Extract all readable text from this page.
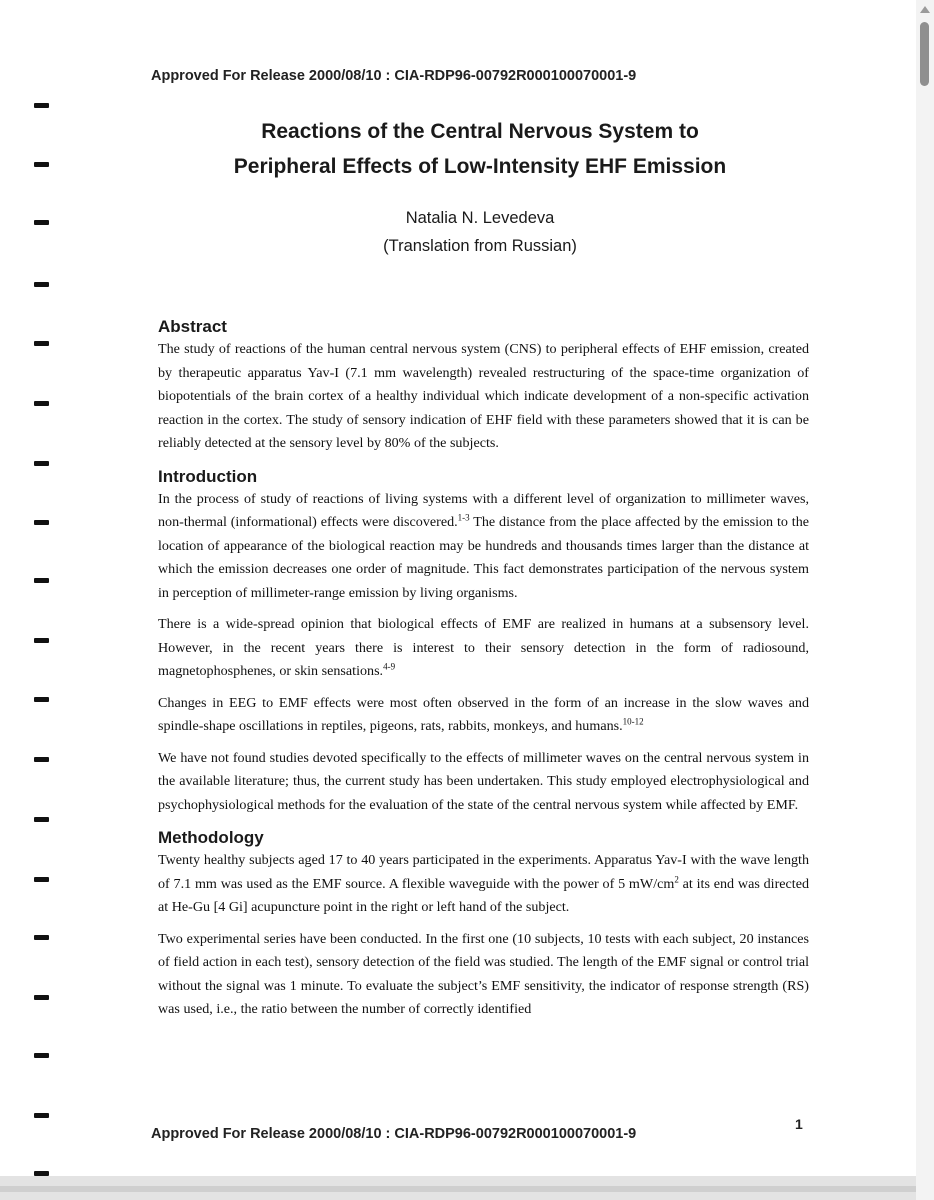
Approved For Release 2000/08/10 : CIA-RDP96-00792R000100070001-9
Reactions of the Central Nervous System to
Peripheral Effects of Low-Intensity EHF Emission
Natalia N. Levedeva
(Translation from Russian)
Abstract

The study of reactions of the human central nervous system (CNS) to peripheral effects of EHF emission, created by therapeutic apparatus Yav-I (7.1 mm wavelength) revealed restructuring of the space-time organization of biopotentials of the brain cortex of a healthy individual which indicate development of a non-specific activation reaction in the cortex. The study of sensory indication of EHF field with these parameters showed that it is can be reliably detected at the sensory level by 80% of the subjects.

Introduction

In the process of study of reactions of living systems with a different level of organization to millimeter waves, non-thermal (informational) effects were discovered.$^{1-3}$ The distance from the place affected by the emission to the location of appearance of the biological reaction may be hundreds and thousands times larger than the distance at which the emission decreases one order of magnitude. This fact demonstrates participation of the nervous system in perception of millimeter-range emission by living organisms.

There is a wide-spread opinion that biological effects of EMF are realized in humans at a subsensory level. However, in the recent years there is interest to their sensory detection in the form of radiosound, magnetophosphenes, or skin sensations.$^{4-9}$

Changes in EEG to EMF effects were most often observed in the form of an increase in the slow waves and spindle-shape oscillations in reptiles, pigeons, rats, rabbits, monkeys, and humans.$^{10-12}$

We have not found studies devoted specifically to the effects of millimeter waves on the central nervous system in the available literature; thus, the current study has been undertaken. This study employed electrophysiological and psychophysiological methods for the evaluation of the state of the central nervous system while affected by EMF.

Methodology

Twenty healthy subjects aged 17 to 40 years participated in the experiments. Apparatus Yav-I with the wave length of 7.1 mm was used as the EMF source. A flexible waveguide with the power of 5 $mW/cm^2$ at its end was directed at He-Gu [4 Gi] acupuncture point in the right or left hand of the subject.

Two experimental series have been conducted. In the first one (10 subjects, 10 tests with each subject, 20 instances of field action in each test), sensory detection of the field was studied. The length of the EMF signal or control trial without the signal was 1 minute. To evaluate the subject’s EMF sensitivity, the indicator of response strength (RS) was used, i.e., the ratio between the number of correctly identified

Approved For Release 2000/08/10 : CIA-RDP96-00792R000100070001-9
1
